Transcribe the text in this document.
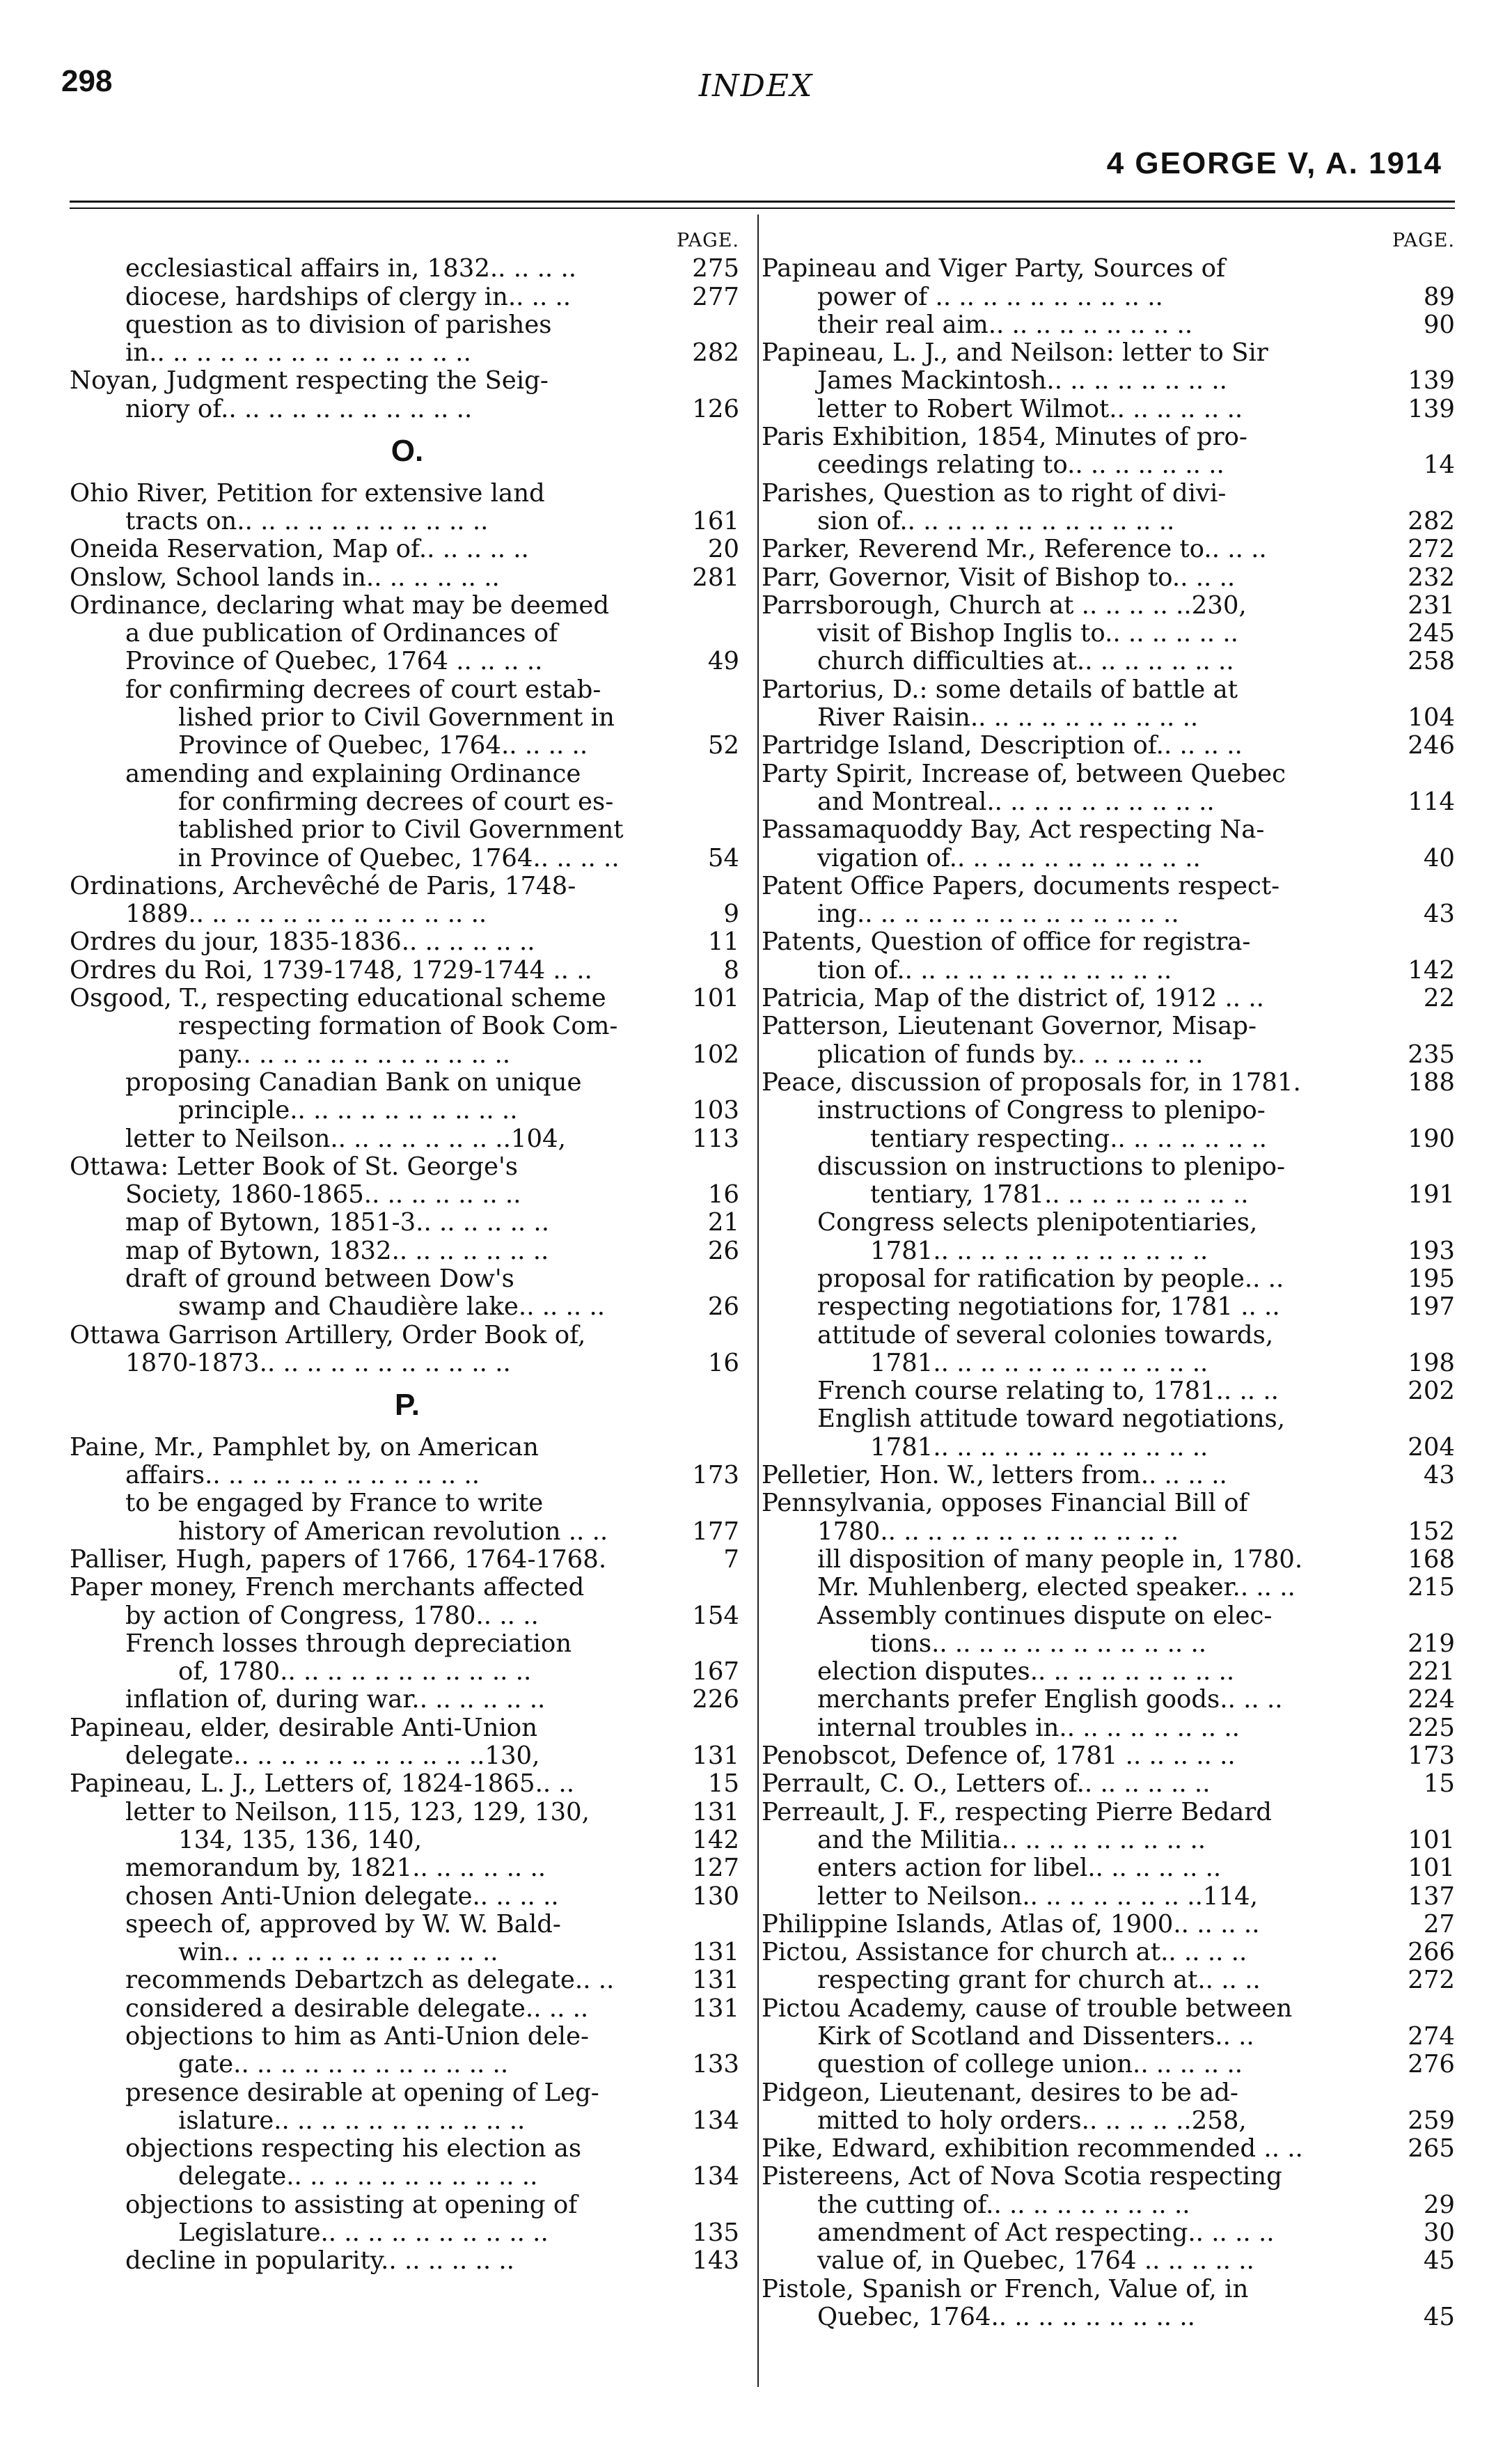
298	INDEX
4 GEORGE V, A. 1914
PAGE.
ecclesiastical affairs in, 1832.. .. .. ..	275
diocese, hardships of clergy in.. .. ..	277
question as to division of parishes
in.. .. .. .. .. .. .. .. .. .. .. .. .. ..	282
Noyan, Judgment respecting the Seig-
niory of.. .. .. .. .. .. .. .. .. .. ..	126
O.
Ohio River, Petition for extensive land
tracts on.. .. .. .. .. .. .. .. .. .. ..	161
Oneida Reservation, Map of.. .. .. .. ..	20
Onslow, School lands in.. .. .. .. .. ..	281
Ordinance, declaring what may be deemed
a due publication of Ordinances of
Province of Quebec, 1764 .. .. .. ..	49
for confirming decrees of court estab-
lished prior to Civil Government in
Province of Quebec, 1764.. .. .. ..	52
amending and explaining Ordinance
for confirming decrees of court es-
tablished prior to Civil Government
in Province of Quebec, 1764.. .. .. ..	54
Ordinations, Archevêché de Paris, 1748-
1889.. .. .. .. .. .. .. .. .. .. .. .. ..	9
Ordres du jour, 1835-1836.. .. .. .. .. ..	11
Ordres du Roi, 1739-1748, 1729-1744 .. ..	8
Osgood, T., respecting educational scheme	101
respecting formation of Book Com-
pany.. .. .. .. .. .. .. .. .. .. .. ..	102
proposing Canadian Bank on unique
principle.. .. .. .. .. .. .. .. .. ..	103
letter to Neilson.. .. .. .. .. .. .. ..104,	113
Ottawa: Letter Book of St. George's
Society, 1860-1865.. .. .. .. .. .. ..	16
map of Bytown, 1851-3.. .. .. .. .. ..	21
map of Bytown, 1832.. .. .. .. .. .. ..	26
draft of ground between Dow's
swamp and Chaudière lake.. .. .. ..	26
Ottawa Garrison Artillery, Order Book of,
1870-1873.. .. .. .. .. .. .. .. .. .. ..	16
P.
Paine, Mr., Pamphlet by, on American
affairs.. .. .. .. .. .. .. .. .. .. .. ..	173
to be engaged by France to write
history of American revolution .. ..	177
Palliser, Hugh, papers of 1766, 1764-1768.	7
Paper money, French merchants affected
by action of Congress, 1780.. .. ..	154
French losses through depreciation
of, 1780.. .. .. .. .. .. .. .. .. .. ..	167
inflation of, during war.. .. .. .. .. ..	226
Papineau, elder, desirable Anti-Union
delegate.. .. .. .. .. .. .. .. .. .. ..130,	131
Papineau, L. J., Letters of, 1824-1865.. ..	15
letter to Neilson, 115, 123, 129, 130,	131
134, 135, 136, 140,	142
memorandum by, 1821.. .. .. .. .. ..	127
chosen Anti-Union delegate.. .. .. ..	130
speech of, approved by W. W. Bald-
win.. .. .. .. .. .. .. .. .. .. .. ..	131
recommends Debartzch as delegate.. ..	131
considered a desirable delegate.. .. ..	131
objections to him as Anti-Union dele-
gate.. .. .. .. .. .. .. .. .. .. .. ..	133
presence desirable at opening of Leg-
islature.. .. .. .. .. .. .. .. .. .. ..	134
objections respecting his election as
delegate.. .. .. .. .. .. .. .. .. .. ..	134
objections to assisting at opening of
Legislature.. .. .. .. .. .. .. .. .. ..	135
decline in popularity.. .. .. .. .. ..	143
PAGE.
Papineau and Viger Party, Sources of
power of .. .. .. .. .. .. .. .. .. ..	89
their real aim.. .. .. .. .. .. .. .. ..	90
Papineau, L. J., and Neilson: letter to Sir
James Mackintosh.. .. .. .. .. .. .. ..	139
letter to Robert Wilmot.. .. .. .. .. ..	139
Paris Exhibition, 1854, Minutes of pro-
ceedings relating to.. .. .. .. .. .. ..	14
Parishes, Question as to right of divi-
sion of.. .. .. .. .. .. .. .. .. .. .. ..	282
Parker, Reverend Mr., Reference to.. .. ..	272
Parr, Governor, Visit of Bishop to.. .. ..	232
Parrsborough, Church at .. .. .. .. ..230,	231
visit of Bishop Inglis to.. .. .. .. .. ..	245
church difficulties at.. .. .. .. .. .. ..	258
Partorius, D.: some details of battle at
River Raisin.. .. .. .. .. .. .. .. .. ..	104
Partridge Island, Description of.. .. .. ..	246
Party Spirit, Increase of, between Quebec
and Montreal.. .. .. .. .. .. .. .. .. ..	114
Passamaquoddy Bay, Act respecting Na-
vigation of.. .. .. .. .. .. .. .. .. .. ..	40
Patent Office Papers, documents respect-
ing.. .. .. .. .. .. .. .. .. .. .. .. .. ..	43
Patents, Question of office for registra-
tion of.. .. .. .. .. .. .. .. .. .. .. ..	142
Patricia, Map of the district of, 1912 .. ..	22
Patterson, Lieutenant Governor, Misap-
plication of funds by.. .. .. .. .. ..	235
Peace, discussion of proposals for, in 1781.	188
instructions of Congress to plenipo-
tentiary respecting.. .. .. .. .. .. ..	190
discussion on instructions to plenipo-
tentiary, 1781.. .. .. .. .. .. .. .. ..	191
Congress selects plenipotentiaries,
1781.. .. .. .. .. .. .. .. .. .. .. ..	193
proposal for ratification by people.. ..	195
respecting negotiations for, 1781 .. ..	197
attitude of several colonies towards,
1781.. .. .. .. .. .. .. .. .. .. .. ..	198
French course relating to, 1781.. .. ..	202
English attitude toward negotiations,
1781.. .. .. .. .. .. .. .. .. .. .. ..	204
Pelletier, Hon. W., letters from.. .. .. ..	43
Pennsylvania, opposes Financial Bill of
1780.. .. .. .. .. .. .. .. .. .. .. .. ..	152
ill disposition of many people in, 1780.	168
Mr. Muhlenberg, elected speaker.. .. ..	215
Assembly continues dispute on elec-
tions.. .. .. .. .. .. .. .. .. .. .. ..	219
election disputes.. .. .. .. .. .. .. .. ..	221
merchants prefer English goods.. .. ..	224
internal troubles in.. .. .. .. .. .. .. ..	225
Penobscot, Defence of, 1781 .. .. .. .. ..	173
Perrault, C. O., Letters of.. .. .. .. .. ..	15
Perreault, J. F., respecting Pierre Bedard
and the Militia.. .. .. .. .. .. .. .. ..	101
enters action for libel.. .. .. .. .. ..	101
letter to Neilson.. .. .. .. .. .. .. ..114,	137
Philippine Islands, Atlas of, 1900.. .. .. ..	27
Pictou, Assistance for church at.. .. .. ..	266
respecting grant for church at.. .. ..	272
Pictou Academy, cause of trouble between
Kirk of Scotland and Dissenters.. ..	274
question of college union.. .. .. .. ..	276
Pidgeon, Lieutenant, desires to be ad-
mitted to holy orders.. .. .. .. ..258,	259
Pike, Edward, exhibition recommended .. ..	265
Pistereens, Act of Nova Scotia respecting
the cutting of.. .. .. .. .. .. .. .. ..	29
amendment of Act respecting.. .. .. ..	30
value of, in Quebec, 1764 .. .. .. .. ..	45
Pistole, Spanish or French, Value of, in
Quebec, 1764.. .. .. .. .. .. .. .. ..	45
